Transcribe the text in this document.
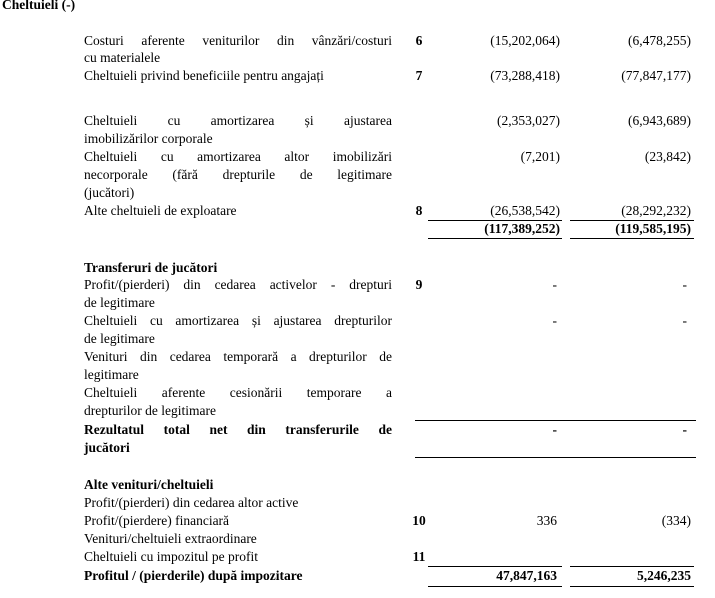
Cheltuieli (-)
Costuri aferente veniturilor din vânzări/costuri
cu materialele
6	(15,202,064)	(6,478,255)
Cheltuieli privind beneficiile pentru angajați	7	(73,288,418)	(77,847,177)
Cheltuieli cu amortizarea și ajustarea
imobilizărilor corporale
(2,353,027)	(6,943,689)
Cheltuieli cu amortizarea altor imobilizări
necorporale (fără drepturile de legitimare
(jucători)
(7,201)	(23,842)
Alte cheltuieli de exploatare	8	(26,538,542)	(28,292,232)
(117,389,252)	(119,585,195)
Transferuri de jucători
Profit/(pierderi) din cedarea activelor - drepturi
de legitimare
9	-	-
Cheltuieli cu amortizarea și ajustarea drepturilor
de legitimare
-	-
Venituri din cedarea temporară a drepturilor de
legitimare
Cheltuieli aferente cesionării temporare a
drepturilor de legitimare
Rezultatul total net din transferurile de
jucători
-	-
Alte venituri/cheltuieli
Profit/(pierderi) din cedarea altor active
Profit/(pierdere) financiară	10	336	(334)
Venituri/cheltuieli extraordinare
Cheltuieli cu impozitul pe profit	11
Profitul / (pierderile) după impozitare	47,847,163	5,246,235
